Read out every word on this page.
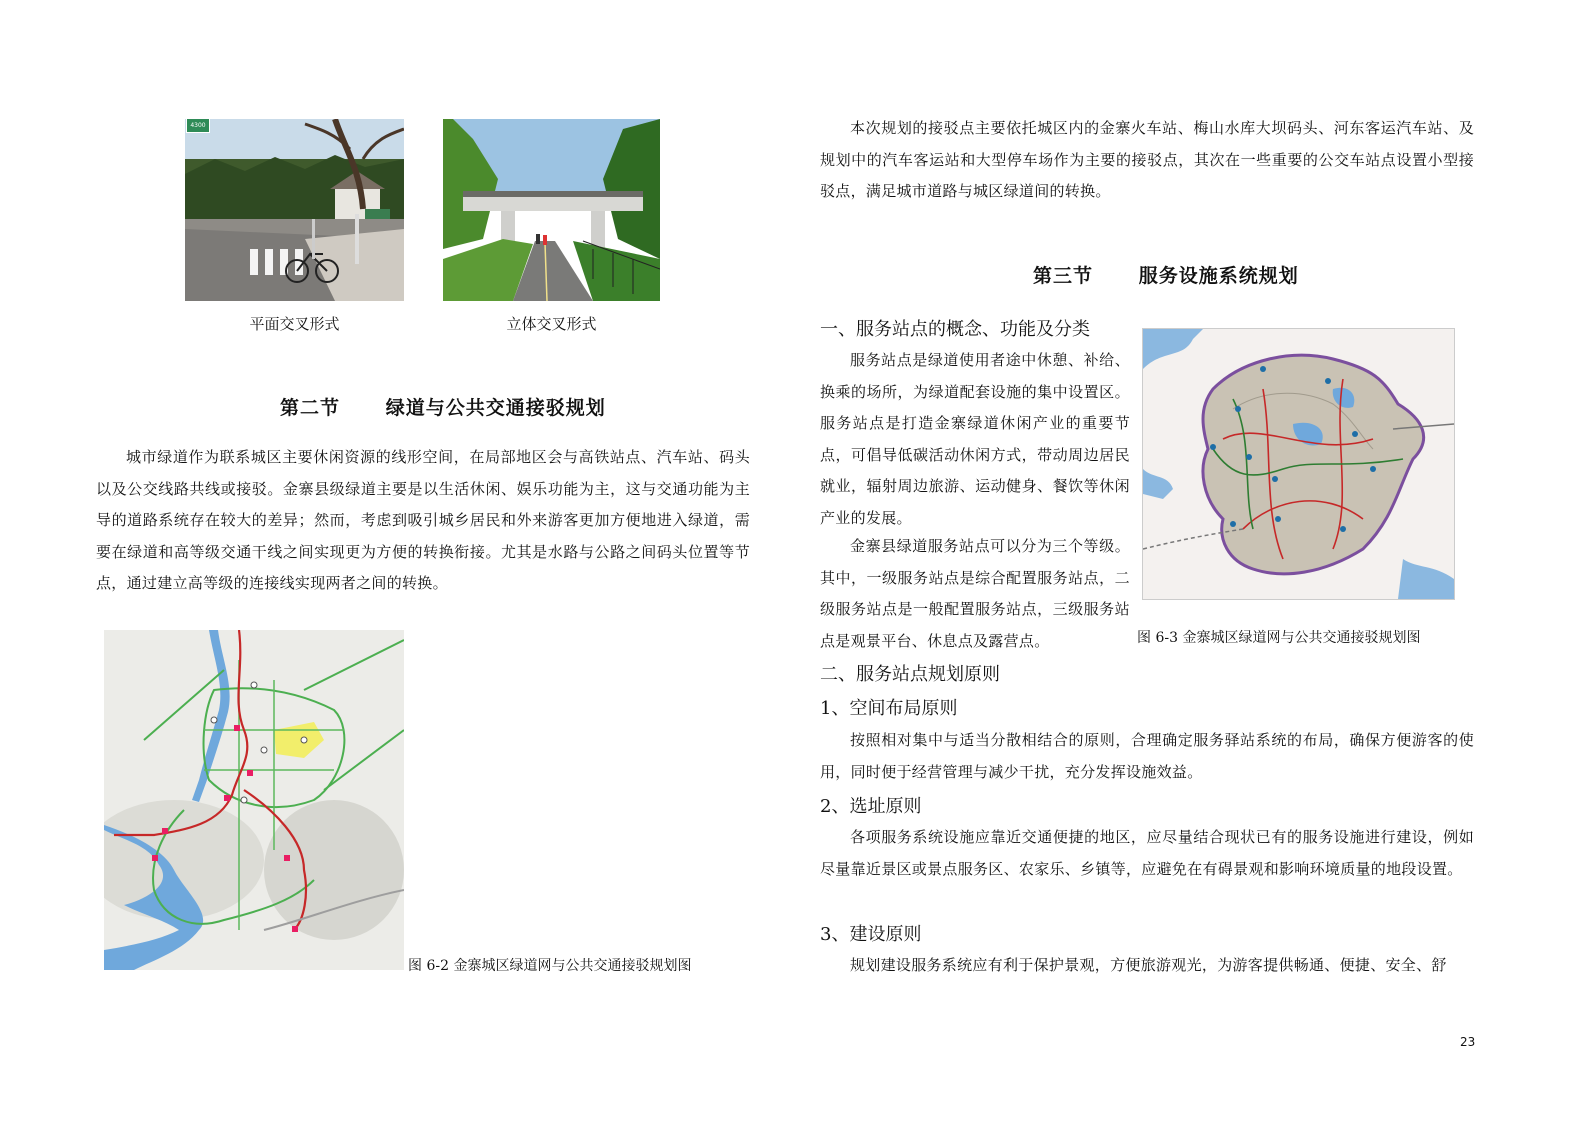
4300
平面交叉形式	立体交叉形式
第二节      绿道与公共交通接驳规划
城市绿道作为联系城区主要休闲资源的线形空间，在局部地区会与高铁站点、汽车站、码头以及公交线路共线或接驳。金寨县级绿道主要是以生活休闲、娱乐功能为主，这与交通功能为主导的道路系统存在较大的差异；然而，考虑到吸引城乡居民和外来游客更加方便地进入绿道，需要在绿道和高等级交通干线之间实现更为方便的转换衔接。尤其是水路与公路之间码头位置等节点，通过建立高等级的连接线实现两者之间的转换。
图 6-2 金寨城区绿道网与公共交通接驳规划图
本次规划的接驳点主要依托城区内的金寨火车站、梅山水库大坝码头、河东客运汽车站、及规划中的汽车客运站和大型停车场作为主要的接驳点，其次在一些重要的公交车站点设置小型接驳点，满足城市道路与城区绿道间的转换。
第三节      服务设施系统规划
一、服务站点的概念、功能及分类
服务站点是绿道使用者途中休憩、补给、换乘的场所，为绿道配套设施的集中设置区。服务站点是打造金寨绿道休闲产业的重要节点，可倡导低碳活动休闲方式，带动周边居民就业，辐射周边旅游、运动健身、餐饮等休闲产业的发展。
金寨县绿道服务站点可以分为三个等级。其中，一级服务站点是综合配置服务站点，二级服务站点是一般配置服务站点，三级服务站点是观景平台、休息点及露营点。	图 6-3 金寨城区绿道网与公共交通接驳规划图
二、服务站点规划原则
1、空间布局原则
按照相对集中与适当分散相结合的原则，合理确定服务驿站系统的布局，确保方便游客的使用，同时便于经营管理与减少干扰，充分发挥设施效益。
2、选址原则
各项服务系统设施应靠近交通便捷的地区，应尽量结合现状已有的服务设施进行建设，例如尽量靠近景区或景点服务区、农家乐、乡镇等，应避免在有碍景观和影响环境质量的地段设置。
3、建设原则
规划建设服务系统应有利于保护景观，方便旅游观光，为游客提供畅通、便捷、安全、舒
23
